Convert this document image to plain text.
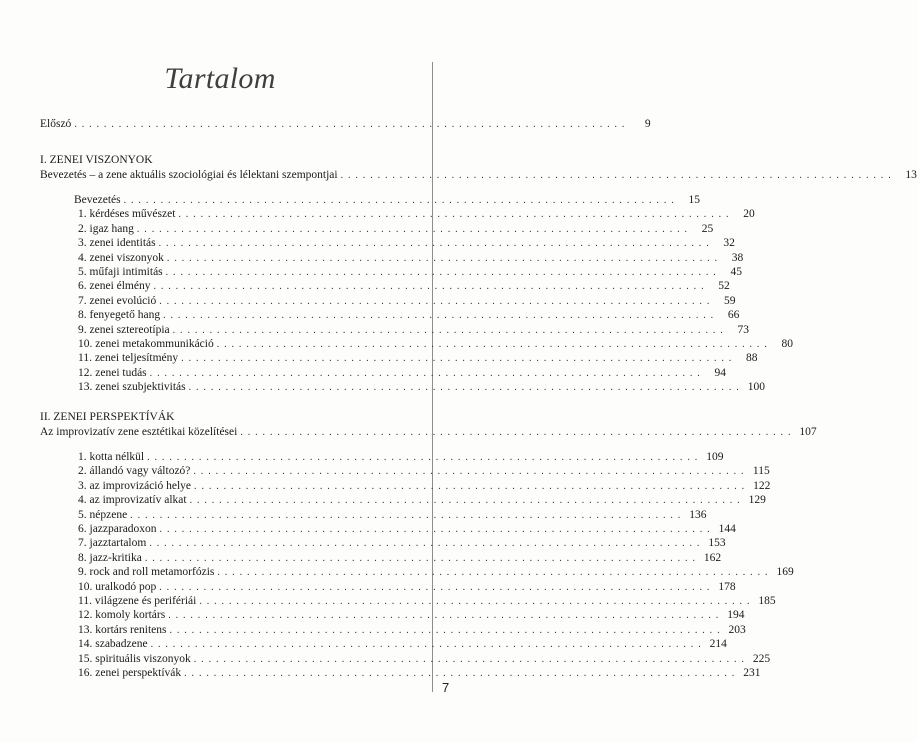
Tartalom
7
Előszó . . . . . . . . . . . . . . . . . . . . . . . . . . . . . . . . . . . . . . . . . . . . . . . . . . . . . . . . . . . . . . . . . . . . . . . . . . .	9
I. ZENEI VISZONYOK
Bevezetés – a zene aktuális szociológiai és lélektani szempontjai . . . . . . . . . . . . . . . . . . . . . . . . . . . . . . . . . . . . . . . . . . . . . . . . . . . . . . . . . . . . . . . . . . . . . . . . . . .	13
Bevezetés . . . . . . . . . . . . . . . . . . . . . . . . . . . . . . . . . . . . . . . . . . . . . . . . . . . . . . . . . . . . . . . . . . . . . . . . . . .	15
1. kérdéses művészet . . . . . . . . . . . . . . . . . . . . . . . . . . . . . . . . . . . . . . . . . . . . . . . . . . . . . . . . . . . . . . . . . . . . . . . . . . .	20
2. igaz hang . . . . . . . . . . . . . . . . . . . . . . . . . . . . . . . . . . . . . . . . . . . . . . . . . . . . . . . . . . . . . . . . . . . . . . . . . . .	25
3. zenei identitás . . . . . . . . . . . . . . . . . . . . . . . . . . . . . . . . . . . . . . . . . . . . . . . . . . . . . . . . . . . . . . . . . . . . . . . . . . .	32
4. zenei viszonyok . . . . . . . . . . . . . . . . . . . . . . . . . . . . . . . . . . . . . . . . . . . . . . . . . . . . . . . . . . . . . . . . . . . . . . . . . . .	38
5. műfaji intimitás . . . . . . . . . . . . . . . . . . . . . . . . . . . . . . . . . . . . . . . . . . . . . . . . . . . . . . . . . . . . . . . . . . . . . . . . . . .	45
6. zenei élmény . . . . . . . . . . . . . . . . . . . . . . . . . . . . . . . . . . . . . . . . . . . . . . . . . . . . . . . . . . . . . . . . . . . . . . . . . . .	52
7. zenei evolúció . . . . . . . . . . . . . . . . . . . . . . . . . . . . . . . . . . . . . . . . . . . . . . . . . . . . . . . . . . . . . . . . . . . . . . . . . . .	59
8. fenyegető hang . . . . . . . . . . . . . . . . . . . . . . . . . . . . . . . . . . . . . . . . . . . . . . . . . . . . . . . . . . . . . . . . . . . . . . . . . . .	66
9. zenei sztereotípia . . . . . . . . . . . . . . . . . . . . . . . . . . . . . . . . . . . . . . . . . . . . . . . . . . . . . . . . . . . . . . . . . . . . . . . . . . .	73
10. zenei metakommunikáció . . . . . . . . . . . . . . . . . . . . . . . . . . . . . . . . . . . . . . . . . . . . . . . . . . . . . . . . . . . . . . . . . . . . . . . . . . .	80
11. zenei teljesítmény . . . . . . . . . . . . . . . . . . . . . . . . . . . . . . . . . . . . . . . . . . . . . . . . . . . . . . . . . . . . . . . . . . . . . . . . . . .	88
12. zenei tudás . . . . . . . . . . . . . . . . . . . . . . . . . . . . . . . . . . . . . . . . . . . . . . . . . . . . . . . . . . . . . . . . . . . . . . . . . . .	94
13. zenei szubjektivitás . . . . . . . . . . . . . . . . . . . . . . . . . . . . . . . . . . . . . . . . . . . . . . . . . . . . . . . . . . . . . . . . . . . . . . . . . . . 100
II. ZENEI PERSPEKTÍVÁK
Az improvizatív zene esztétikai közelítései . . . . . . . . . . . . . . . . . . . . . . . . . . . . . . . . . . . . . . . . . . . . . . . . . . . . . . . . . . . . . . . . . . . . . . . . . . . 107
1. kotta nélkül . . . . . . . . . . . . . . . . . . . . . . . . . . . . . . . . . . . . . . . . . . . . . . . . . . . . . . . . . . . . . . . . . . . . . . . . . . . 109
2. állandó vagy változó? . . . . . . . . . . . . . . . . . . . . . . . . . . . . . . . . . . . . . . . . . . . . . . . . . . . . . . . . . . . . . . . . . . . . . . . . . . . 115
3. az improvizáció helye . . . . . . . . . . . . . . . . . . . . . . . . . . . . . . . . . . . . . . . . . . . . . . . . . . . . . . . . . . . . . . . . . . . . . . . . . . . 122
4. az improvizatív alkat . . . . . . . . . . . . . . . . . . . . . . . . . . . . . . . . . . . . . . . . . . . . . . . . . . . . . . . . . . . . . . . . . . . . . . . . . . . 129
5. népzene . . . . . . . . . . . . . . . . . . . . . . . . . . . . . . . . . . . . . . . . . . . . . . . . . . . . . . . . . . . . . . . . . . . . . . . . . . . 136
6. jazzparadoxon . . . . . . . . . . . . . . . . . . . . . . . . . . . . . . . . . . . . . . . . . . . . . . . . . . . . . . . . . . . . . . . . . . . . . . . . . . . 144
7. jazztartalom . . . . . . . . . . . . . . . . . . . . . . . . . . . . . . . . . . . . . . . . . . . . . . . . . . . . . . . . . . . . . . . . . . . . . . . . . . . 153
8. jazz-kritika . . . . . . . . . . . . . . . . . . . . . . . . . . . . . . . . . . . . . . . . . . . . . . . . . . . . . . . . . . . . . . . . . . . . . . . . . . . 162
9. rock and roll metamorfózis . . . . . . . . . . . . . . . . . . . . . . . . . . . . . . . . . . . . . . . . . . . . . . . . . . . . . . . . . . . . . . . . . . . . . . . . . . . 169
10. uralkodó pop . . . . . . . . . . . . . . . . . . . . . . . . . . . . . . . . . . . . . . . . . . . . . . . . . . . . . . . . . . . . . . . . . . . . . . . . . . . 178
11. világzene és perifériái . . . . . . . . . . . . . . . . . . . . . . . . . . . . . . . . . . . . . . . . . . . . . . . . . . . . . . . . . . . . . . . . . . . . . . . . . . . 185
12. komoly kortárs . . . . . . . . . . . . . . . . . . . . . . . . . . . . . . . . . . . . . . . . . . . . . . . . . . . . . . . . . . . . . . . . . . . . . . . . . . . 194
13. kortárs renitens . . . . . . . . . . . . . . . . . . . . . . . . . . . . . . . . . . . . . . . . . . . . . . . . . . . . . . . . . . . . . . . . . . . . . . . . . . . 203
14. szabadzene . . . . . . . . . . . . . . . . . . . . . . . . . . . . . . . . . . . . . . . . . . . . . . . . . . . . . . . . . . . . . . . . . . . . . . . . . . . 214
15. spirituális viszonyok . . . . . . . . . . . . . . . . . . . . . . . . . . . . . . . . . . . . . . . . . . . . . . . . . . . . . . . . . . . . . . . . . . . . . . . . . . . 225
16. zenei perspektívák . . . . . . . . . . . . . . . . . . . . . . . . . . . . . . . . . . . . . . . . . . . . . . . . . . . . . . . . . . . . . . . . . . . . . . . . . . . 231
